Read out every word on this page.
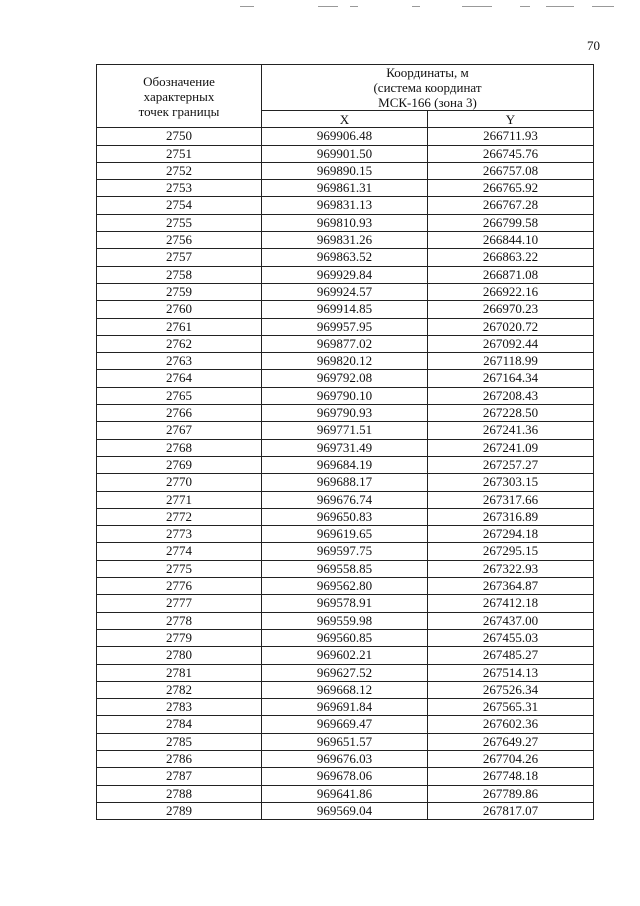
70
Обозначение
характерных
точек границы	Координаты, м
(система координат
МСК-166 (зона 3)	

	X	Y
2750	969906.48	266711.93
2751	969901.50	266745.76
2752	969890.15	266757.08
2753	969861.31	266765.92
2754	969831.13	266767.28
2755	969810.93	266799.58
2756	969831.26	266844.10
2757	969863.52	266863.22
2758	969929.84	266871.08
2759	969924.57	266922.16
2760	969914.85	266970.23
2761	969957.95	267020.72
2762	969877.02	267092.44
2763	969820.12	267118.99
2764	969792.08	267164.34
2765	969790.10	267208.43
2766	969790.93	267228.50
2767	969771.51	267241.36
2768	969731.49	267241.09
2769	969684.19	267257.27
2770	969688.17	267303.15
2771	969676.74	267317.66
2772	969650.83	267316.89
2773	969619.65	267294.18
2774	969597.75	267295.15
2775	969558.85	267322.93
2776	969562.80	267364.87
2777	969578.91	267412.18
2778	969559.98	267437.00
2779	969560.85	267455.03
2780	969602.21	267485.27
2781	969627.52	267514.13
2782	969668.12	267526.34
2783	969691.84	267565.31
2784	969669.47	267602.36
2785	969651.57	267649.27
2786	969676.03	267704.26
2787	969678.06	267748.18
2788	969641.86	267789.86
2789	969569.04	267817.07
